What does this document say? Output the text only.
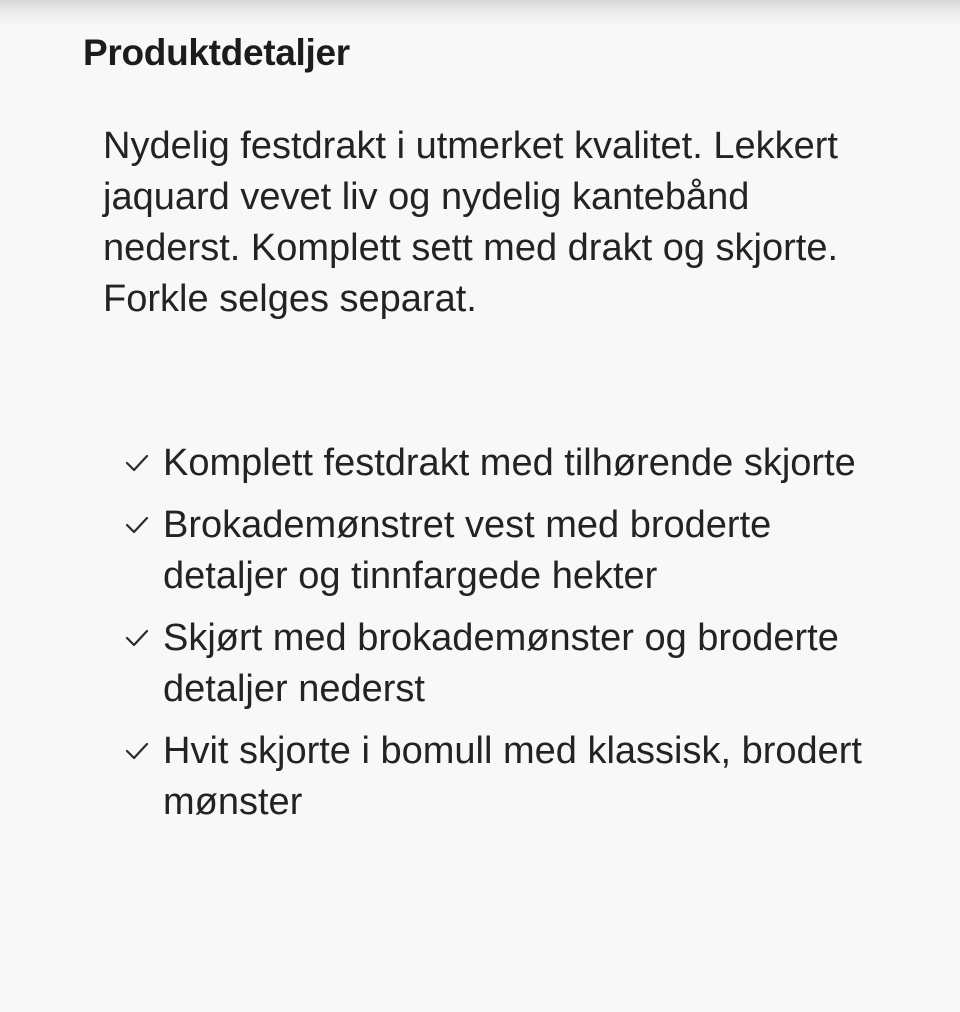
Produktdetaljer

Nydelig festdrakt i utmerket kvalitet. Lekkert jaquard vevet liv og nydelig kantebånd nederst. Komplett sett med drakt og skjorte. Forkle selges separat.

Komplett festdrakt med tilhørende skjorte
Brokademønstret vest med broderte detaljer og tinnfargede hekter
Skjørt med brokademønster og broderte detaljer nederst
Hvit skjorte i bomull med klassisk, brodert mønster
